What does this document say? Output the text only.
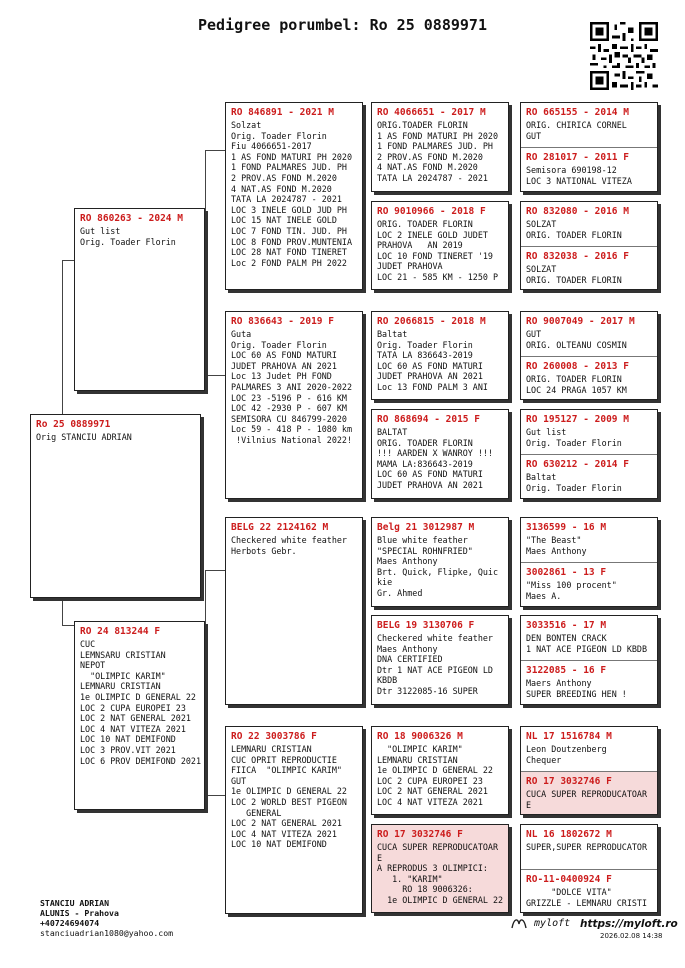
Pedigree porumbel: Ro 25 0889971
Ro 25 0889971
Orig STANCIU ADRIAN
RO 860263 - 2024 M
Gut list
Orig. Toader Florin
RO 24 813244 F
CUC
LEMNSARU CRISTIAN
NEPOT
"OLIMPIC KARIM"
LEMNARU CRISTIAN
1e OLIMPIC D GENERAL 22
LOC 2 CUPA EUROPEI 23
LOC 2 NAT GENERAL 2021
LOC 4 NAT VITEZA 2021
LOC 10 NAT DEMIFOND
LOC 3 PROV.VIT 2021
LOC 6 PROV DEMIFOND 2021
RO 846891 - 2021 M
Solzat
Orig. Toader Florin
Fiu 4066651-2017
1 AS FOND MATURI PH 2020
1 FOND PALMARES JUD. PH
2 PROV.AS FOND M.2020
4 NAT.AS FOND M.2020
TATA LA 2024787 - 2021
LOC 3 INELE GOLD JUD PH
LOC 15 NAT INELE GOLD
LOC 7 FOND TIN. JUD. PH
LOC 8 FOND PROV.MUNTENIA
LOC 28 NAT FOND TINERET
Loc 2 FOND PALM PH 2022
RO 836643 - 2019 F
Guta
Orig. Toader Florin
LOC 60 AS FOND MATURI
JUDET PRAHOVA AN 2021
Loc 13 Judet PH FOND
PALMARES 3 ANI 2020-2022
LOC 23 -5196 P - 616 KM
LOC 42 -2930 P - 607 KM
SEMISORA CU 846799-2020
Loc 59 - 418 P - 1080 km
!Vilnius National 2022!
BELG 22 2124162 M
Checkered white feather
Herbots Gebr.
RO 22 3003786 F
LEMNARU CRISTIAN
CUC OPRIT REPRODUCTIE
FIICA  "OLIMPIC KARIM"
GUT
1e OLIMPIC D GENERAL 22
LOC 2 WORLD BEST PIGEON
GENERAL
LOC 2 NAT GENERAL 2021
LOC 4 NAT VITEZA 2021
LOC 10 NAT DEMIFOND
RO 4066651 - 2017 M
ORIG.TOADER FLORIN
1 AS FOND MATURI PH 2020
1 FOND PALMARES JUD. PH
2 PROV.AS FOND M.2020
4 NAT.AS FOND M.2020
TATA LA 2024787 - 2021
RO 9010966 - 2018 F
ORIG. TOADER FLORIN
LOC 2 INELE GOLD JUDET
PRAHOVA   AN 2019
LOC 10 FOND TINERET '19
JUDET PRAHOVA
LOC 21 - 585 KM - 1250 P
RO 2066815 - 2018 M
Baltat
Orig. Toader Florin
TATA LA 836643-2019
LOC 60 AS FOND MATURI
JUDET PRAHOVA AN 2021
Loc 13 FOND PALM 3 ANI
RO 868694 - 2015 F
BALTAT
ORIG. TOADER FLORIN
!!! AARDEN X WANROY !!!
MAMA LA:836643-2019
LOC 60 AS FOND MATURI
JUDET PRAHOVA AN 2021
Belg 21 3012987 M
Blue white feather
"SPECIAL ROHNFRIED"
Maes Anthony
Brt. Quick, Flipke, Quic
kie
Gr. Ahmed
BELG 19 3130706 F
Checkered white feather
Maes Anthony
DNA CERTIFIED
Dtr 1 NAT ACE PIGEON LD
KBDB
Dtr 3122085-16 SUPER
RO 18 9006326 M
"OLIMPIC KARIM"
LEMNARU CRISTIAN
1e OLIMPIC D GENERAL 22
LOC 2 CUPA EUROPEI 23
LOC 2 NAT GENERAL 2021
LOC 4 NAT VITEZA 2021
RO 17 3032746 F
CUCA SUPER REPRODUCATOAR
E
A REPRODUS 3 OLIMPICI:
1. "KARIM"
RO 18 9006326:
1e OLIMPIC D GENERAL 22
RO 665155 - 2014 M
ORIG. CHIRICA CORNEL
GUT
RO 281017 - 2011 F
Semisora 690198-12
LOC 3 NATIONAL VITEZA
RO 832080 - 2016 M
SOLZAT
ORIG. TOADER FLORIN
RO 832038 - 2016 F
SOLZAT
ORIG. TOADER FLORIN
RO 9007049 - 2017 M
GUT
ORIG. OLTEANU COSMIN
RO 260008 - 2013 F
ORIG. TOADER FLORIN
LOC 24 PRAGA 1057 KM
RO 195127 - 2009 M
Gut list
Orig. Toader Florin
RO 630212 - 2014 F
Baltat
Orig. Toader Florin
3136599 - 16 M
"The Beast"
Maes Anthony
3002861 - 13 F
"Miss 100 procent"
Maes A.
3033516 - 17 M
DEN BONTEN CRACK
1 NAT ACE PIGEON LD KBDB
3122085 - 16 F
Maers Anthony
SUPER BREEDING HEN !
NL 17 1516784 M
Leon Doutzenberg
Chequer
RO 17 3032746 F
CUCA SUPER REPRODUCATOAR
E
NL 16 1802672 M
SUPER,SUPER REPRODUCATOR
RO-11-0400924 F
"DOLCE VITA"
GRIZZLE - LEMNARU CRISTI
STANCIU ADRIAN
ALUNIS - Prahova
+40724694074
stanciuadrian1080@yahoo.com
myloft https://myloft.ro
2026.02.08 14:38
